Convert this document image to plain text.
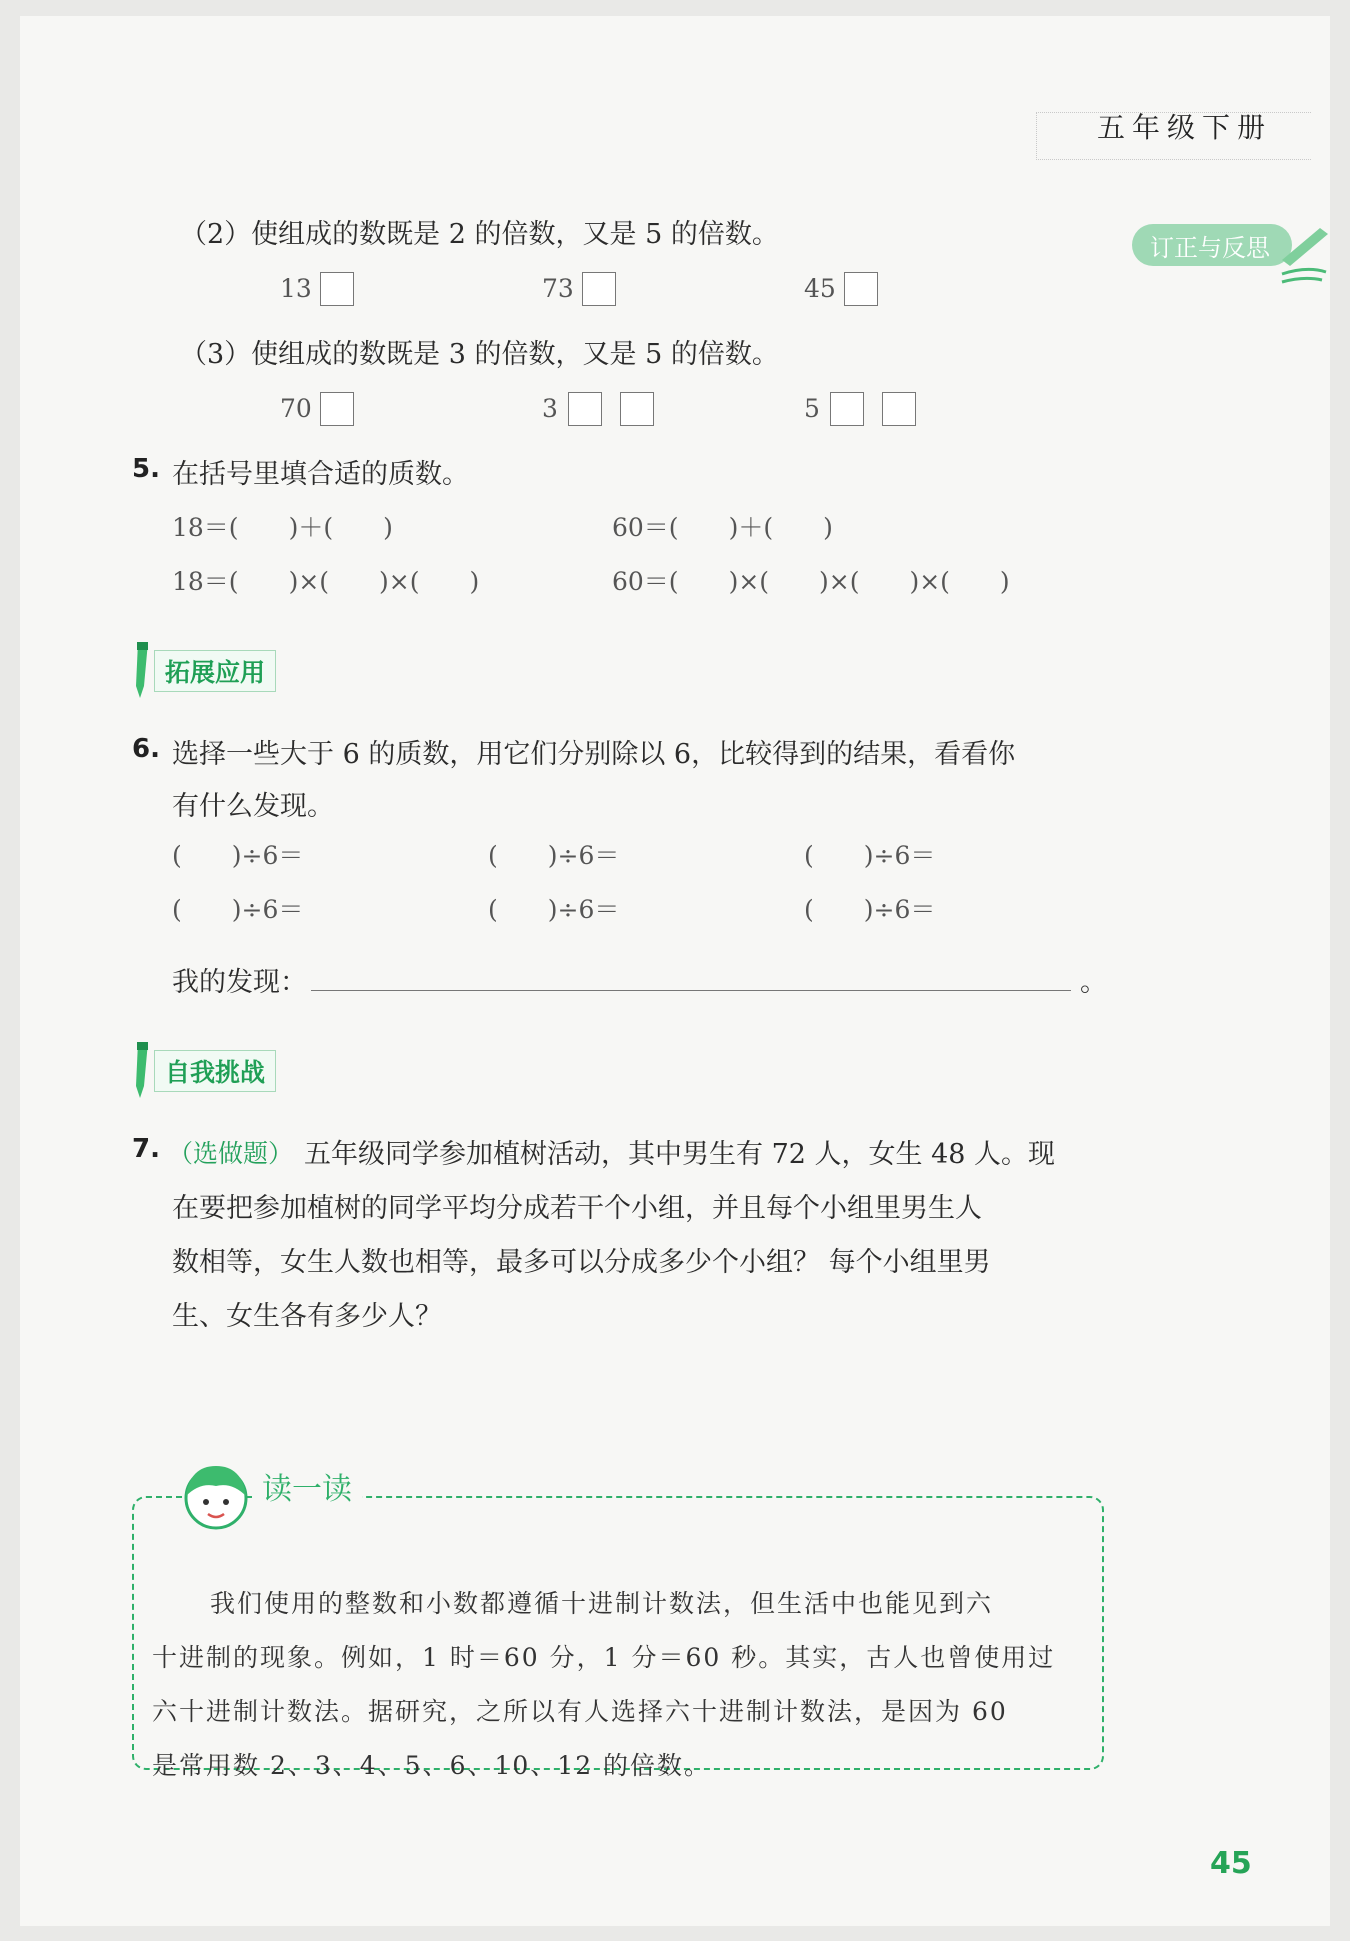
五年级下册
订正与反思
（2）使组成的数既是 2 的倍数，又是 5 的倍数。
13	73	45
（3）使组成的数既是 3 的倍数，又是 5 的倍数。
70	3	5
5. 在括号里填合适的质数。
18＝(　　)＋(　　)	60＝(　　)＋(　　)
18＝(　　)×(　　)×(　　)	60＝(　　)×(　　)×(　　)×(　　)
拓展应用
6. 选择一些大于 6 的质数，用它们分别除以 6，比较得到的结果，看看你
有什么发现。
(　　)÷6＝	(　　)÷6＝	(　　)÷6＝
(　　)÷6＝	(　　)÷6＝	(　　)÷6＝
我的发现：	。
自我挑战
7. （选做题） 五年级同学参加植树活动，其中男生有 72 人，女生 48 人。现
在要把参加植树的同学平均分成若干个小组，并且每个小组里男生人
数相等，女生人数也相等，最多可以分成多少个小组？ 每个小组里男
生、女生各有多少人？
读一读
我们使用的整数和小数都遵循十进制计数法，但生活中也能见到六
十进制的现象。例如，1 时＝60 分，1 分＝60 秒。其实，古人也曾使用过
六十进制计数法。据研究，之所以有人选择六十进制计数法，是因为 60
是常用数 2、3、4、5、6、10、12 的倍数。
45
